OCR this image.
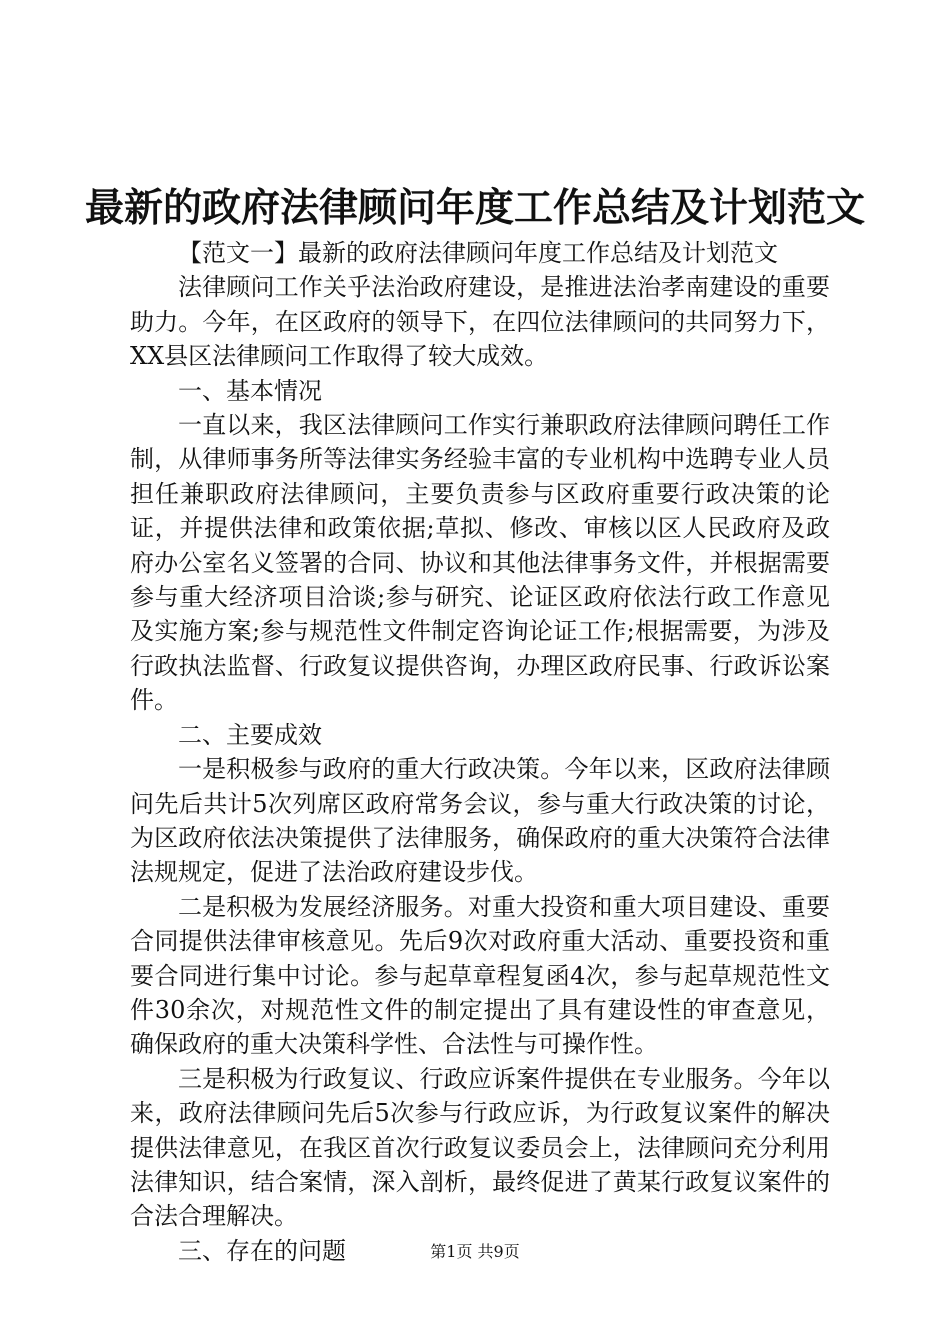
最新的政府法律顾问年度工作总结及计划范文

【范文一】最新的政府法律顾问年度工作总结及计划范文

法律顾问工作关乎法治政府建设，是推进法治孝南建设的重要助力。今年，在区政府的领导下，在四位法律顾问的共同努力下，XX县区法律顾问工作取得了较大成效。

一、基本情况

一直以来，我区法律顾问工作实行兼职政府法律顾问聘任工作制，从律师事务所等法律实务经验丰富的专业机构中选聘专业人员担任兼职政府法律顾问，主要负责参与区政府重要行政决策的论证，并提供法律和政策依据;草拟、修改、审核以区人民政府及政府办公室名义签署的合同、协议和其他法律事务文件，并根据需要参与重大经济项目洽谈;参与研究、论证区政府依法行政工作意见及实施方案;参与规范性文件制定咨询论证工作;根据需要，为涉及行政执法监督、行政复议提供咨询，办理区政府民事、行政诉讼案件。

二、主要成效

一是积极参与政府的重大行政决策。今年以来，区政府法律顾问先后共计5次列席区政府常务会议，参与重大行政决策的讨论，为区政府依法决策提供了法律服务，确保政府的重大决策符合法律法规规定，促进了法治政府建设步伐。

二是积极为发展经济服务。对重大投资和重大项目建设、重要合同提供法律审核意见。先后9次对政府重大活动、重要投资和重要合同进行集中讨论。参与起草章程复函4次，参与起草规范性文件30余次，对规范性文件的制定提出了具有建设性的审查意见，确保政府的重大决策科学性、合法性与可操作性。

三是积极为行政复议、行政应诉案件提供在专业服务。今年以来，政府法律顾问先后5次参与行政应诉，为行政复议案件的解决提供法律意见，在我区首次行政复议委员会上，法律顾问充分利用法律知识，结合案情，深入剖析，最终促进了黄某行政复议案件的合法合理解决。

三、存在的问题	第1页 共9页
